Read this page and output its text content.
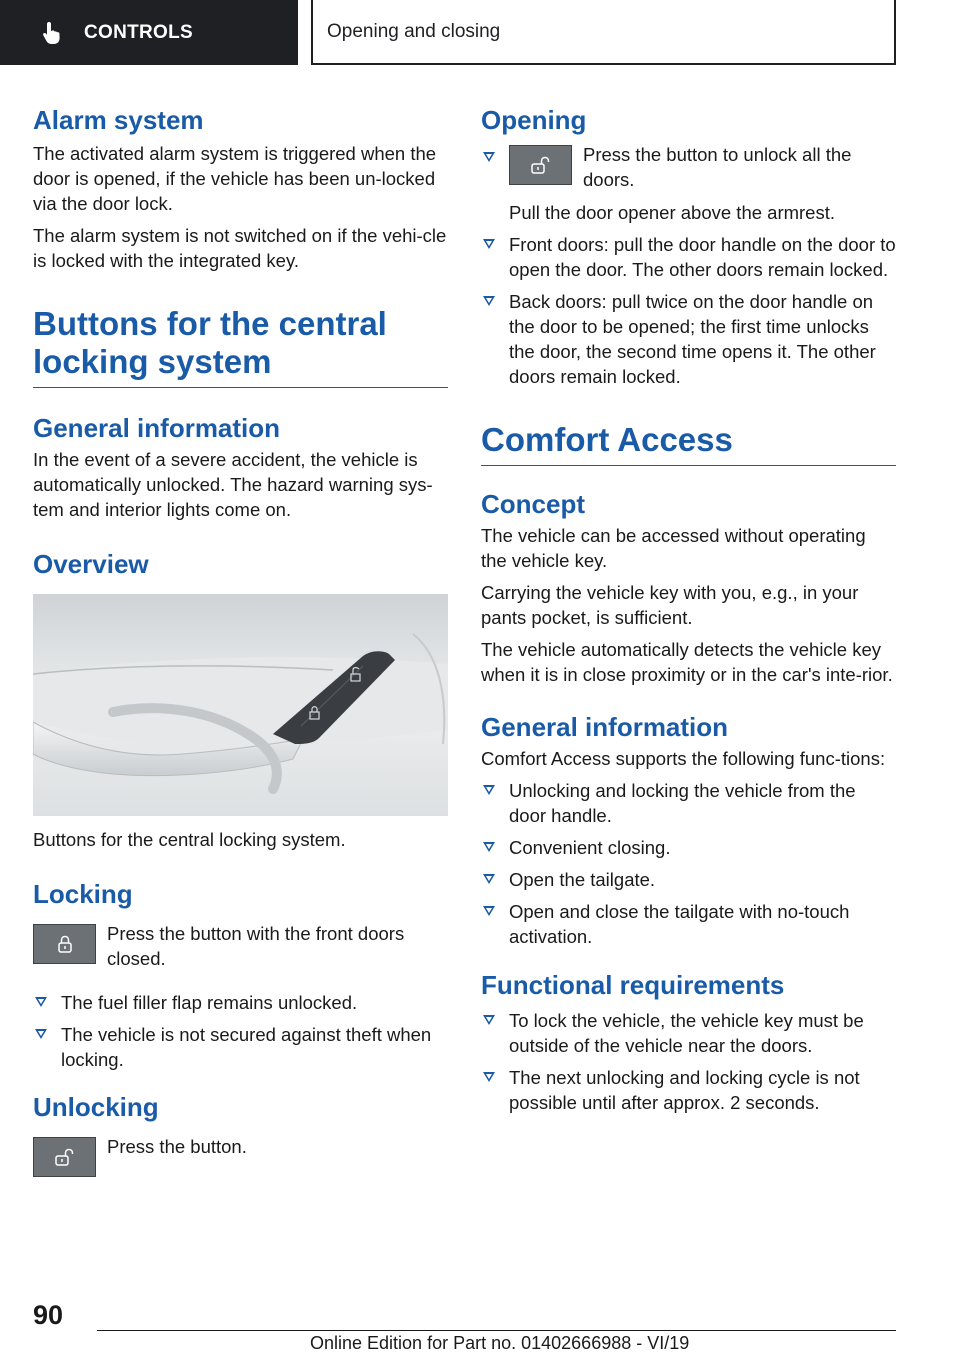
CONTROLS	Opening and closing
Alarm system

The activated alarm system is triggered when the door is opened, if the vehicle has been un‐locked via the door lock.

The alarm system is not switched on if the vehi‐cle is locked with the integrated key.

Buttons for the central
locking system
General information

In the event of a severe accident, the vehicle is automatically unlocked. The hazard warning sys‐tem and interior lights come on.

Overview

Buttons for the central locking system.

Locking
Press the button with the front doors closed.
The fuel filler flap remains unlocked.
The vehicle is not secured against theft when locking.
Unlocking
Press the button.
Opening
Press the button to unlock all the doors.

Pull the door opener above the armrest.

Front doors: pull the door handle on the door to open the door. The other doors remain locked.
Back doors: pull twice on the door handle on the door to be opened; the first time unlocks the door, the second time opens it. The other doors remain locked.
Comfort Access
Concept

The vehicle can be accessed without operating the vehicle key.

Carrying the vehicle key with you, e.g., in your pants pocket, is sufficient.

The vehicle automatically detects the vehicle key when it is in close proximity or in the car's inte‐rior.

General information

Comfort Access supports the following func‐tions:

Unlocking and locking the vehicle from the door handle.
Convenient closing.
Open the tailgate.
Open and close the tailgate with no-touch activation.
Functional requirements
To lock the vehicle, the vehicle key must be outside of the vehicle near the doors.
The next unlocking and locking cycle is not possible until after approx. 2 seconds.
90
Online Edition for Part no. 01402666988 - VI/19
